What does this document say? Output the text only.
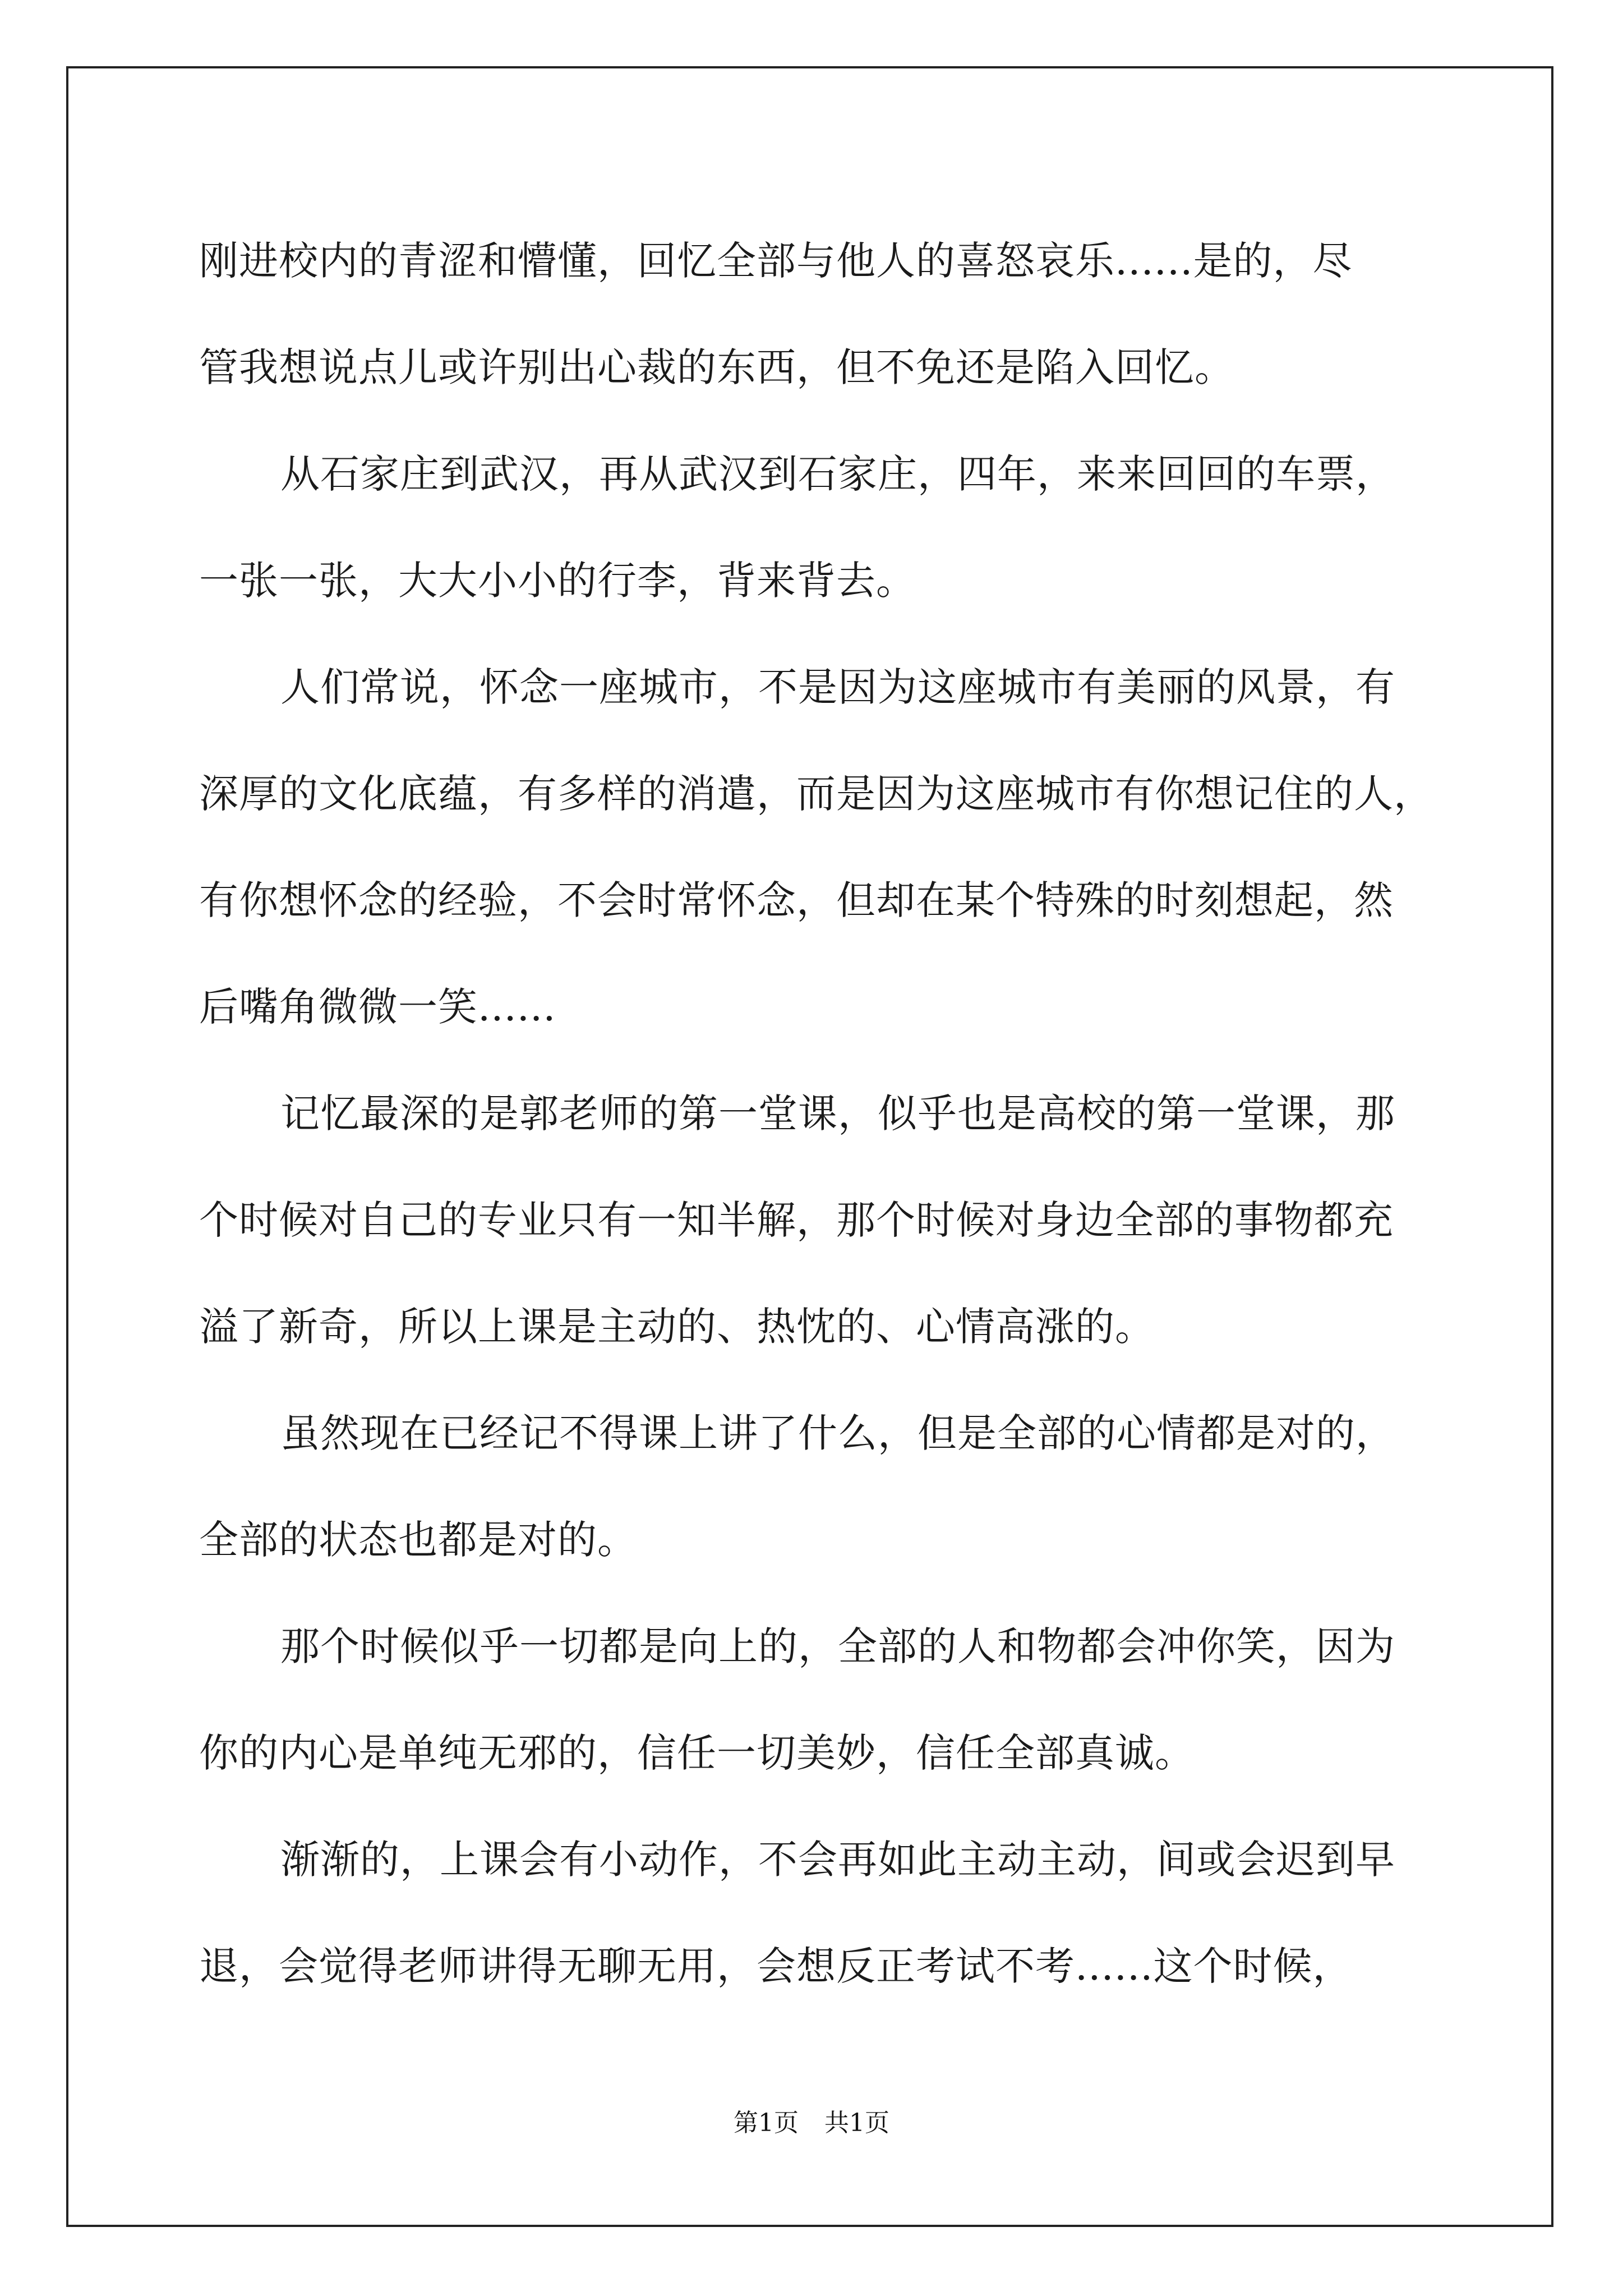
刚进校内的青涩和懵懂，回忆全部与他人的喜怒哀乐......是的，尽
管我想说点儿或许别出心裁的东西，但不免还是陷入回忆。
从石家庄到武汉，再从武汉到石家庄，四年，来来回回的车票，
一张一张，大大小小的行李，背来背去。
人们常说，怀念一座城市，不是因为这座城市有美丽的风景，有
深厚的文化底蕴，有多样的消遣，而是因为这座城市有你想记住的人，
有你想怀念的经验，不会时常怀念，但却在某个特殊的时刻想起，然
后嘴角微微一笑......
记忆最深的是郭老师的第一堂课，似乎也是高校的第一堂课，那
个时候对自己的专业只有一知半解，那个时候对身边全部的事物都充
溢了新奇，所以上课是主动的、热忱的、心情高涨的。
虽然现在已经记不得课上讲了什么，但是全部的心情都是对的，
全部的状态也都是对的。
那个时候似乎一切都是向上的，全部的人和物都会冲你笑，因为
你的内心是单纯无邪的，信任一切美妙，信任全部真诚。
渐渐的，上课会有小动作，不会再如此主动主动，间或会迟到早
退，会觉得老师讲得无聊无用，会想反正考试不考......这个时候，
第1页 共1页
